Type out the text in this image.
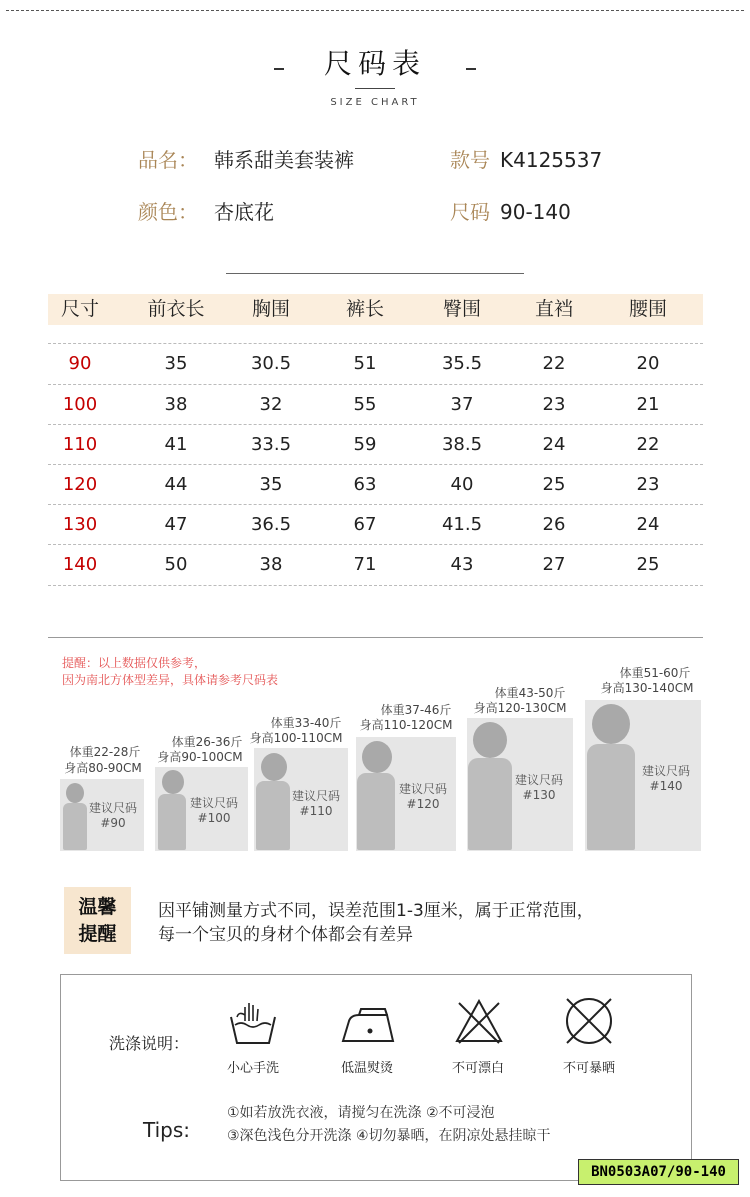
尺码表
SIZE CHART
品名： 韩系甜美套装裤	款号 K4125537
颜色： 杏底花	尺码 90-140
尺寸	前衣长	胸围	裤长	臀围	直裆	腰围
90	35	30.5	51	35.5	22	20
100	38	32	55	37	23	21
110	41	33.5	59	38.5	24	22
120	44	35	63	40	25	23
130	47	36.5	67	41.5	26	24
140	50	38	71	43	27	25
提醒：以上数据仅供参考，
因为南北方体型差异，具体请参考尺码表
体重22-28斤
身高80-90CM
建议尺码
#90
体重26-36斤
身高90-100CM
建议尺码
#100
体重33-40斤
身高100-110CM
建议尺码
#110
体重37-46斤
身高110-120CM
建议尺码
#120
体重43-50斤
身高120-130CM
建议尺码
#130
体重51-60斤
身高130-140CM
建议尺码
#140
温馨
提醒
因平铺测量方式不同，误差范围1-3厘米，属于正常范围，
每一个宝贝的身材个体都会有差异
洗涤说明：
小心手洗	低温熨烫	不可漂白	不可暴晒
Tips:
①如若放洗衣液，请搅匀在洗涤 ②不可浸泡
③深色浅色分开洗涤 ④切勿暴晒，在阴凉处悬挂晾干
BN0503A07/90-140
